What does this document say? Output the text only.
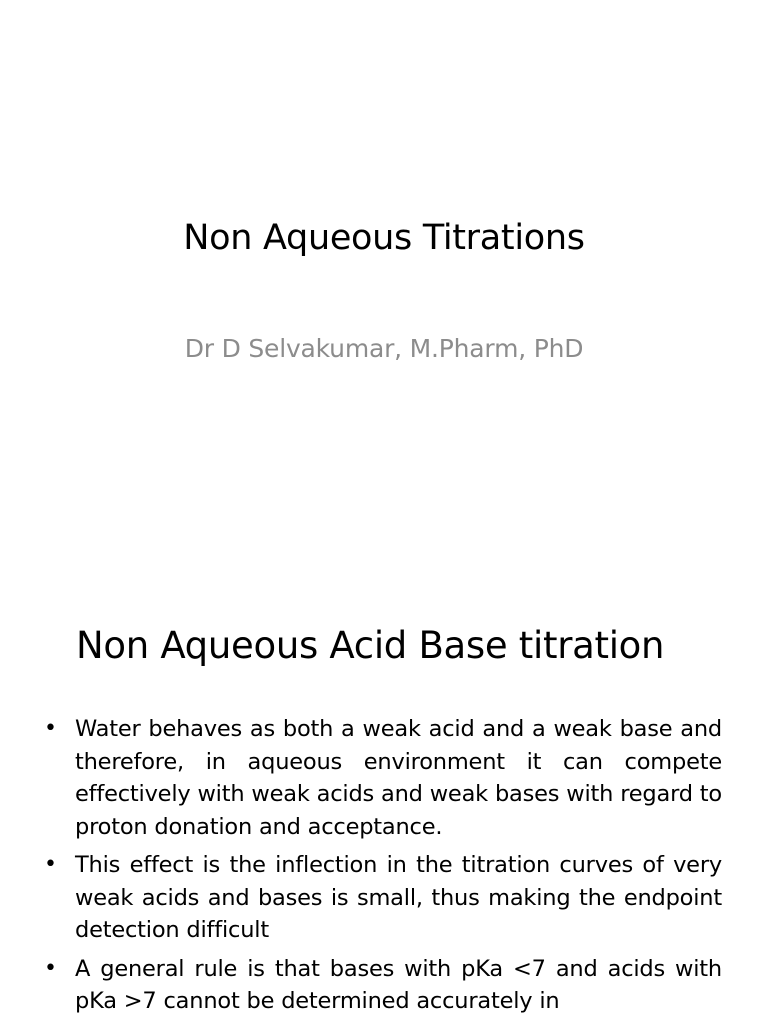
Non Aqueous Titrations
Dr D Selvakumar, M.Pharm, PhD
Non Aqueous Acid Base titration
• Water behaves as both a weak acid and a weak base and therefore, in aqueous environment it can compete effectively with weak acids and weak bases with regard to proton donation and acceptance.
• This effect is the inflection in the titration curves of very weak acids and bases is small, thus making the endpoint detection difficult
• A general rule is that bases with pKa <7 and acids with pKa >7 cannot be determined accurately in
